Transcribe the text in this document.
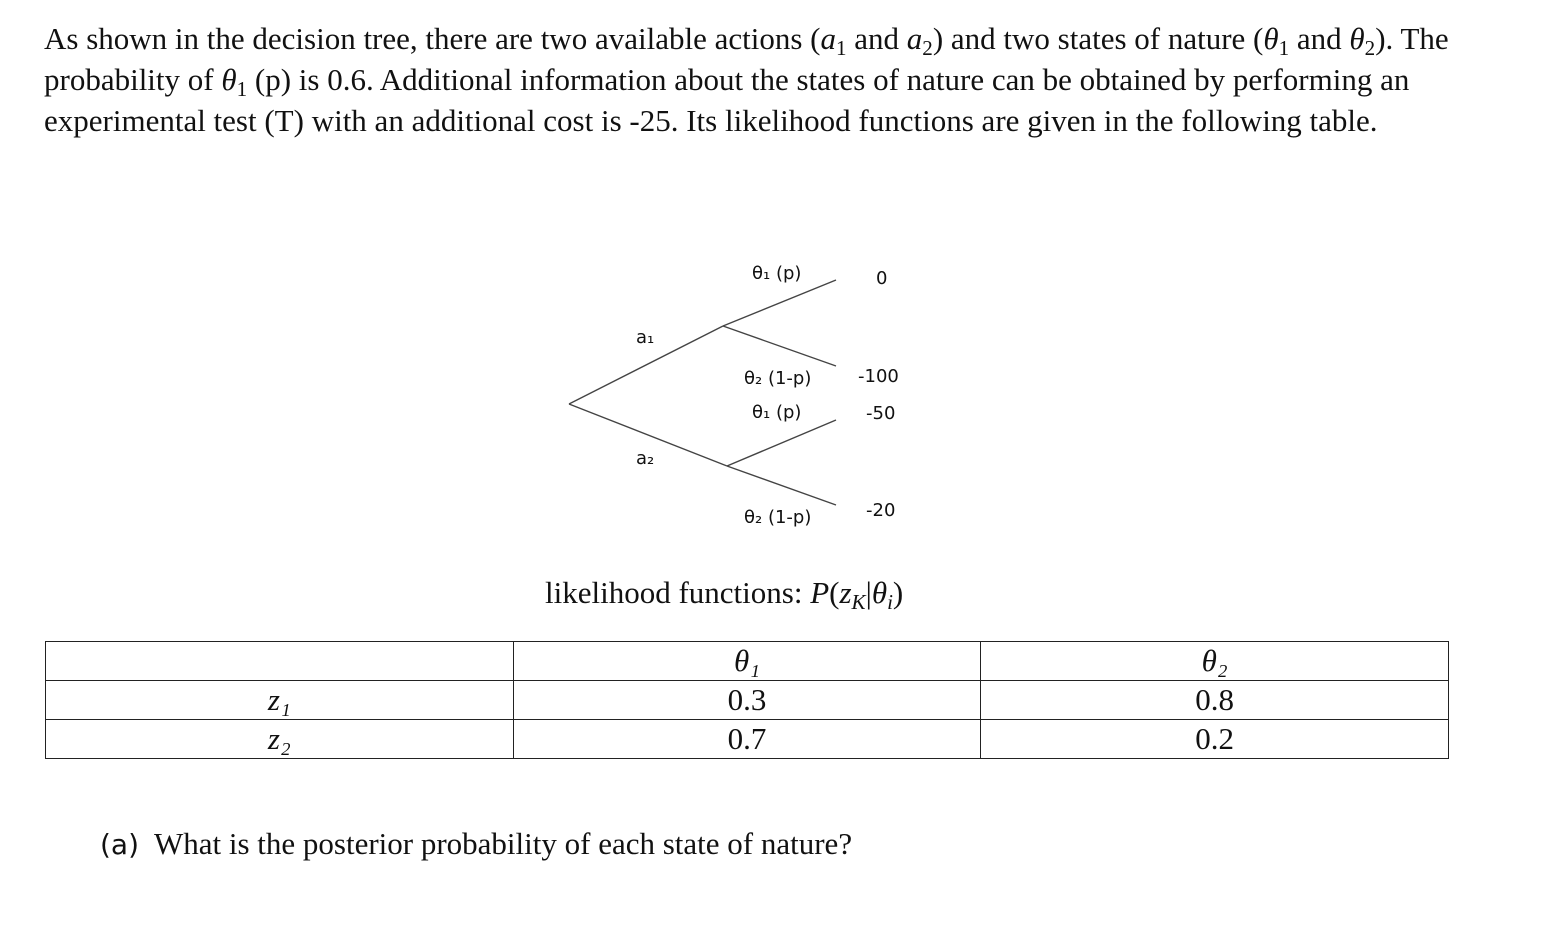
As shown in the decision tree, there are two available actions ($a_1$ and $a_2$) and two states of nature ($\theta_1$ and $\theta_2$). The probability of $\theta_1$ (p) is 0.6. Additional information about the states of nature can be obtained by performing an experimental test (T) with an additional cost is -25. Its likelihood functions are given in the following table.

a₁
a₂
θ₁ (p)
θ₂ (1-p)
θ₁ (p)
θ₂ (1-p)
0
-100
-50
-20

likelihood functions: $P(z_K|\theta_i)$

	θ₁	θ₂
z₁	0.3	0.8
z₂	0.7	0.2

(a) What is the posterior probability of each state of nature?
